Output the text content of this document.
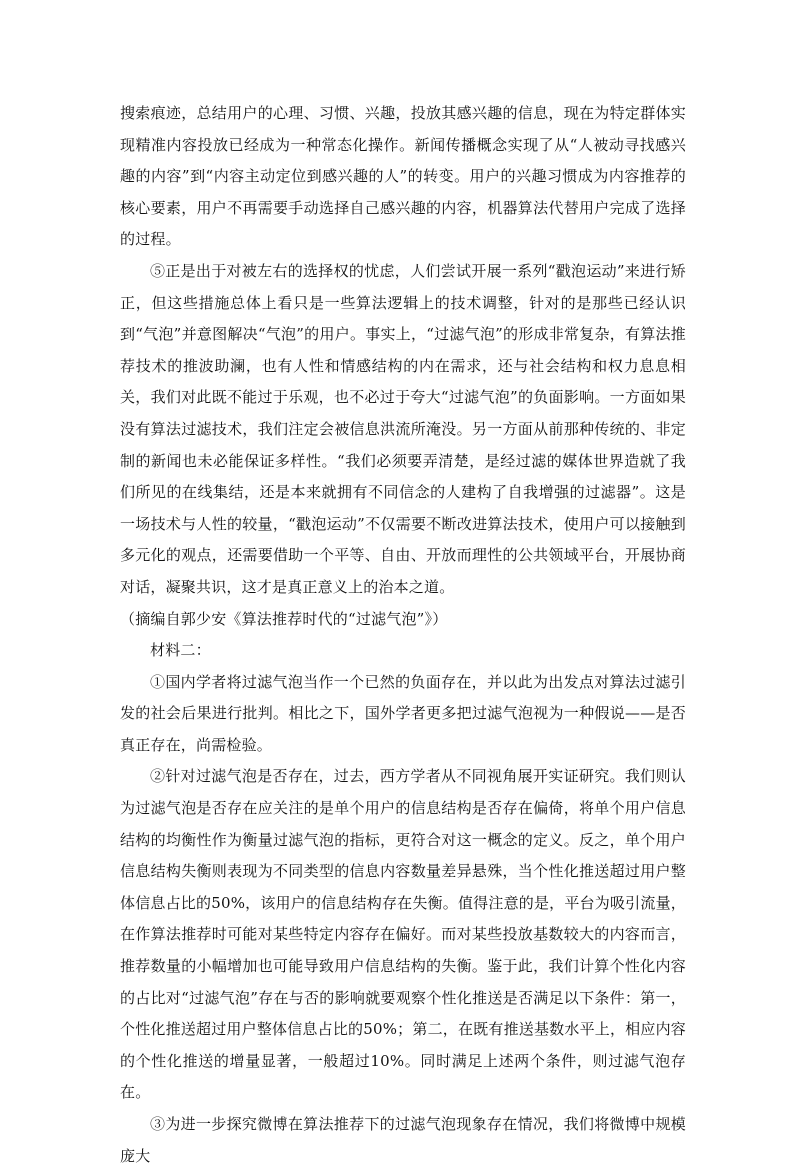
搜索痕迹，总结用户的心理、习惯、兴趣，投放其感兴趣的信息，现在为特定群体实现精准内容投放已经成为一种常态化操作。新闻传播概念实现了从“人被动寻找感兴趣的内容”到“内容主动定位到感兴趣的人”的转变。用户的兴趣习惯成为内容推荐的核心要素，用户不再需要手动选择自己感兴趣的内容，机器算法代替用户完成了选择的过程。

⑤正是出于对被左右的选择权的忧虑，人们尝试开展一系列“戳泡运动”来进行矫正，但这些措施总体上看只是一些算法逻辑上的技术调整，针对的是那些已经认识到“气泡”并意图解决“气泡”的用户。事实上，“过滤气泡”的形成非常复杂，有算法推荐技术的推波助澜，也有人性和情感结构的内在需求，还与社会结构和权力息息相关，我们对此既不能过于乐观，也不必过于夸大“过滤气泡”的负面影响。一方面如果没有算法过滤技术，我们注定会被信息洪流所淹没。另一方面从前那种传统的、非定制的新闻也未必能保证多样性。“我们必须要弄清楚，是经过滤的媒体世界造就了我们所见的在线集结，还是本来就拥有不同信念的人建构了自我增强的过滤器”。这是一场技术与人性的较量，“戳泡运动”不仅需要不断改进算法技术，使用户可以接触到多元化的观点，还需要借助一个平等、自由、开放而理性的公共领域平台，开展协商对话，凝聚共识，这才是真正意义上的治本之道。

（摘编自郭少安《算法推荐时代的“过滤气泡”》）

材料二：

①国内学者将过滤气泡当作一个已然的负面存在，并以此为出发点对算法过滤引发的社会后果进行批判。相比之下，国外学者更多把过滤气泡视为一种假说——是否真正存在，尚需检验。

②针对过滤气泡是否存在，过去，西方学者从不同视角展开实证研究。我们则认为过滤气泡是否存在应关注的是单个用户的信息结构是否存在偏倚，将单个用户信息结构的均衡性作为衡量过滤气泡的指标，更符合对这一概念的定义。反之，单个用户信息结构失衡则表现为不同类型的信息内容数量差异悬殊，当个性化推送超过用户整体信息占比的50%，该用户的信息结构存在失衡。值得注意的是，平台为吸引流量，在作算法推荐时可能对某些特定内容存在偏好。而对某些投放基数较大的内容而言，推荐数量的小幅增加也可能导致用户信息结构的失衡。鉴于此，我们计算个性化内容的占比对“过滤气泡”存在与否的影响就要观察个性化推送是否满足以下条件：第一，个性化推送超过用户整体信息占比的50%；第二，在既有推送基数水平上，相应内容的个性化推送的增量显著，一般超过10%。同时满足上述两个条件，则过滤气泡存在。

③为进一步探究微博在算法推荐下的过滤气泡现象存在情况，我们将微博中规模庞大
